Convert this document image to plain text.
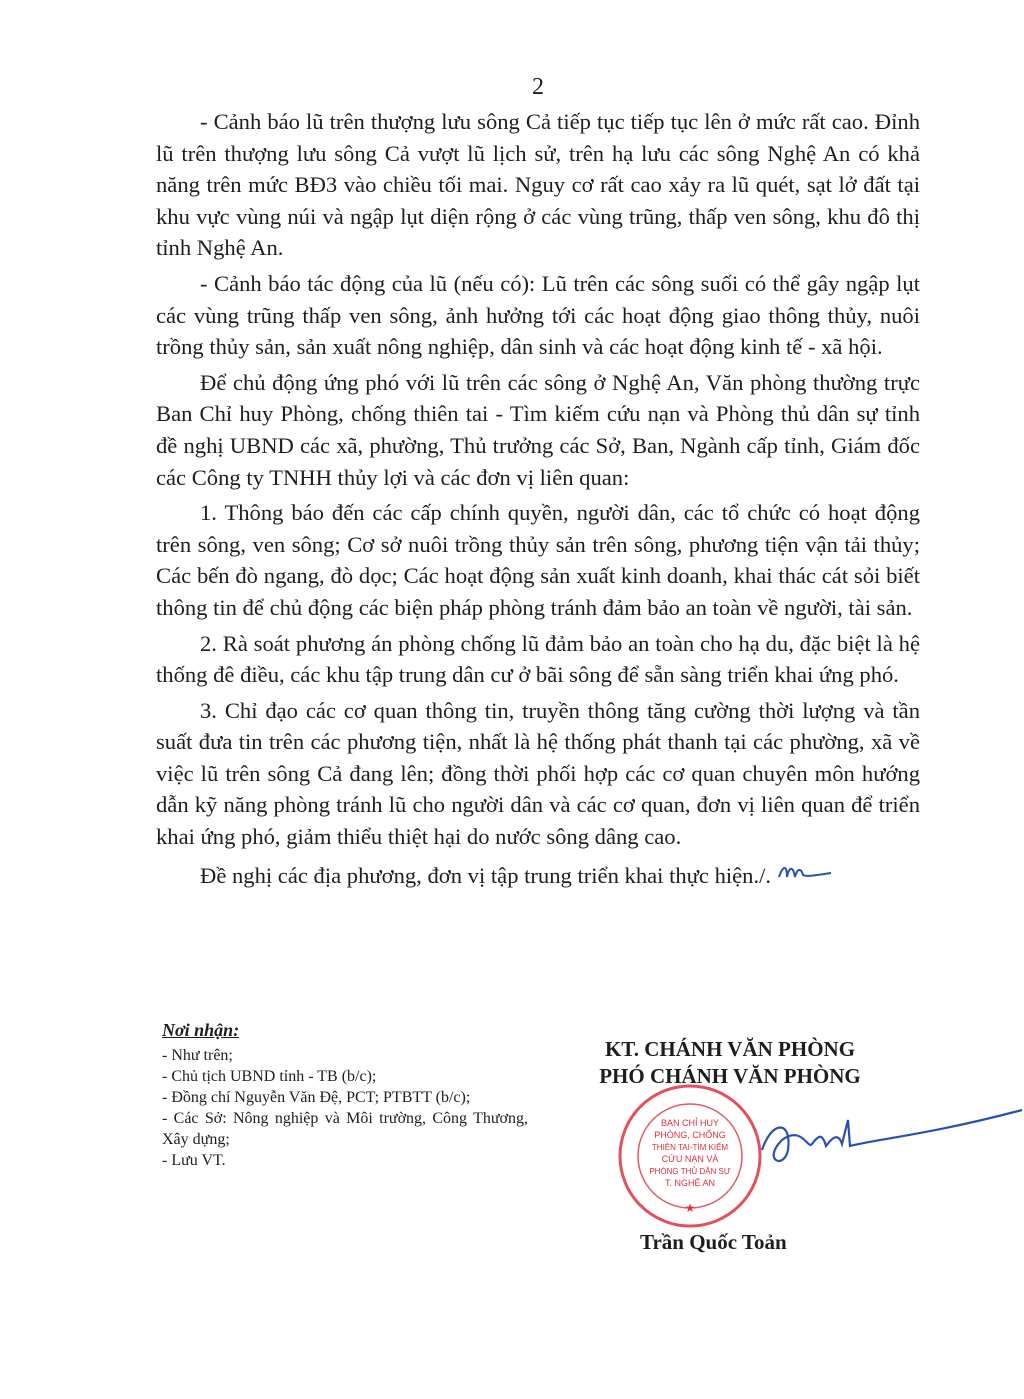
2

- Cảnh báo lũ trên thượng lưu sông Cả tiếp tục tiếp tục lên ở mức rất cao. Đỉnh lũ trên thượng lưu sông Cả vượt lũ lịch sử, trên hạ lưu các sông Nghệ An có khả năng trên mức BĐ3 vào chiều tối mai. Nguy cơ rất cao xảy ra lũ quét, sạt lở đất tại khu vực vùng núi và ngập lụt diện rộng ở các vùng trũng, thấp ven sông, khu đô thị tỉnh Nghệ An.

- Cảnh báo tác động của lũ (nếu có): Lũ trên các sông suối có thể gây ngập lụt các vùng trũng thấp ven sông, ảnh hưởng tới các hoạt động giao thông thủy, nuôi trồng thủy sản, sản xuất nông nghiệp, dân sinh và các hoạt động kinh tế - xã hội.

Để chủ động ứng phó với lũ trên các sông ở Nghệ An, Văn phòng thường trực Ban Chỉ huy Phòng, chống thiên tai - Tìm kiếm cứu nạn và Phòng thủ dân sự tỉnh đề nghị UBND các xã, phường, Thủ trưởng các Sở, Ban, Ngành cấp tỉnh, Giám đốc các Công ty TNHH thủy lợi và các đơn vị liên quan:

1. Thông báo đến các cấp chính quyền, người dân, các tổ chức có hoạt động trên sông, ven sông; Cơ sở nuôi trồng thủy sản trên sông, phương tiện vận tải thủy; Các bến đò ngang, đò dọc; Các hoạt động sản xuất kinh doanh, khai thác cát sỏi biết thông tin để chủ động các biện pháp phòng tránh đảm bảo an toàn về người, tài sản.

2. Rà soát phương án phòng chống lũ đảm bảo an toàn cho hạ du, đặc biệt là hệ thống đê điều, các khu tập trung dân cư ở bãi sông để sẵn sàng triển khai ứng phó.

3. Chỉ đạo các cơ quan thông tin, truyền thông tăng cường thời lượng và tần suất đưa tin trên các phương tiện, nhất là hệ thống phát thanh tại các phường, xã về việc lũ trên sông Cả đang lên; đồng thời phối hợp các cơ quan chuyên môn hướng dẫn kỹ năng phòng tránh lũ cho người dân và các cơ quan, đơn vị liên quan để triển khai ứng phó, giảm thiểu thiệt hại do nước sông dâng cao.

Đề nghị các địa phương, đơn vị tập trung triển khai thực hiện./.

Nơi nhận:
- Như trên;
- Chủ tịch UBND tỉnh - TB (b/c);
- Đồng chí Nguyễn Văn Đệ, PCT; PTBTT (b/c);
- Các Sở: Nông nghiệp và Môi trường, Công Thương, Xây dựng;
- Lưu VT.
KT. CHÁNH VĂN PHÒNG
PHÓ CHÁNH VĂN PHÒNG
BAN CHỈ HUY
PHÒNG, CHỐNG
THIÊN TAI-TÌM KIẾM
CỨU NẠN VÀ
PHÒNG THỦ DÂN SỰ
T. NGHỆ AN
★
Trần Quốc Toản
